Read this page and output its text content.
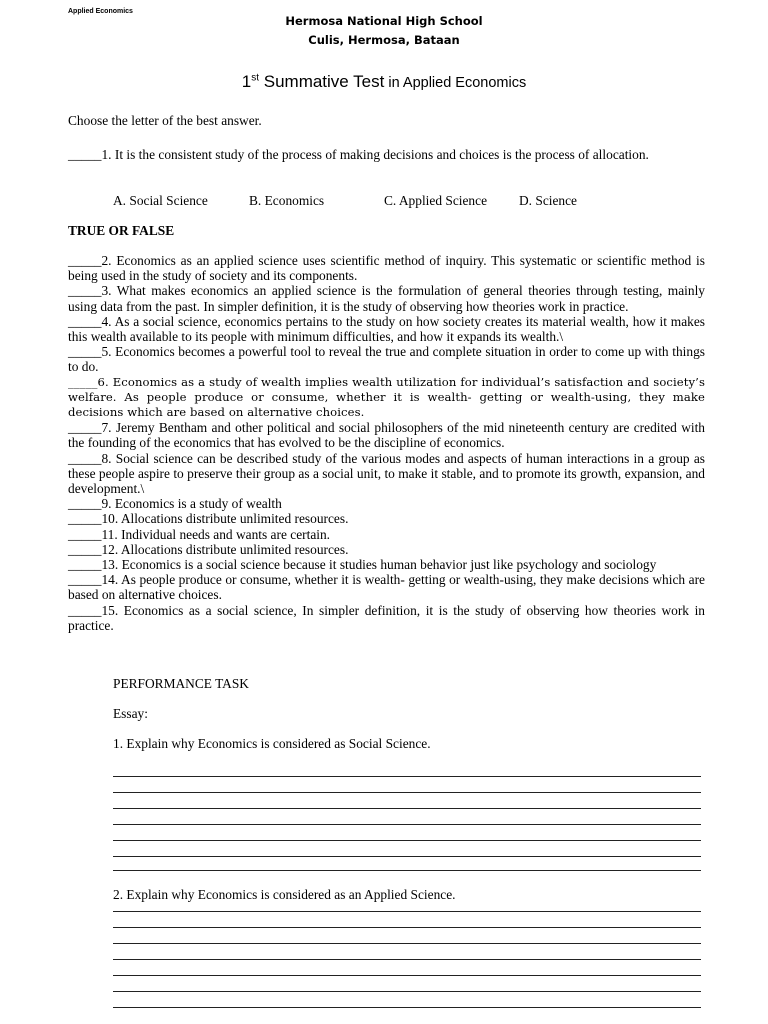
Applied Economics
Hermosa National High School
Culis, Hermosa, Bataan
1st Summative Test in Applied Economics
Choose the letter of the best answer.
_____1. It is the consistent study of the process of making decisions and choices is the process of allocation.
A. Social Science	B. Economics	C. Applied Science D. Science
TRUE OR FALSE
_____2. Economics as an applied science uses scientific method of inquiry. This systematic or scientific method is being used in the study of society and its components.
_____3. What makes economics an applied science is the formulation of general theories through testing, mainly using data from the past. In simpler definition, it is the study of observing how theories work in practice.
_____4. As a social science, economics pertains to the study on how society creates its material wealth, how it makes this wealth available to its people with minimum difficulties, and how it expands its wealth.\
_____5. Economics becomes a powerful tool to reveal the true and complete situation in order to come up with things to do.
_____6. Economics as a study of wealth implies wealth utilization for individual’s satisfaction and society’s welfare. As people produce or consume, whether it is wealth- getting or wealth-using, they make decisions which are based on alternative choices.
_____7. Jeremy Bentham and other political and social philosophers of the mid nineteenth century are credited with the founding of the economics that has evolved to be the discipline of economics.
_____8. Social science can be described study of the various modes and aspects of human interactions in a group as these people aspire to preserve their group as a social unit, to make it stable, and to promote its growth, expansion, and development.\
_____9. Economics is a study of wealth
_____10. Allocations distribute unlimited resources.
_____11. Individual needs and wants are certain.
_____12. Allocations distribute unlimited resources.
_____13. Economics is a social science because it studies human behavior just like psychology and sociology
_____14. As people produce or consume, whether it is wealth- getting or wealth-using, they make decisions which are based on alternative choices.
_____15. Economics as a social science, In simpler definition, it is the study of observing how theories work in practice.
PERFORMANCE TASK
Essay:
1. Explain why Economics is considered as Social Science.
2. Explain why Economics is considered as an Applied Science.
